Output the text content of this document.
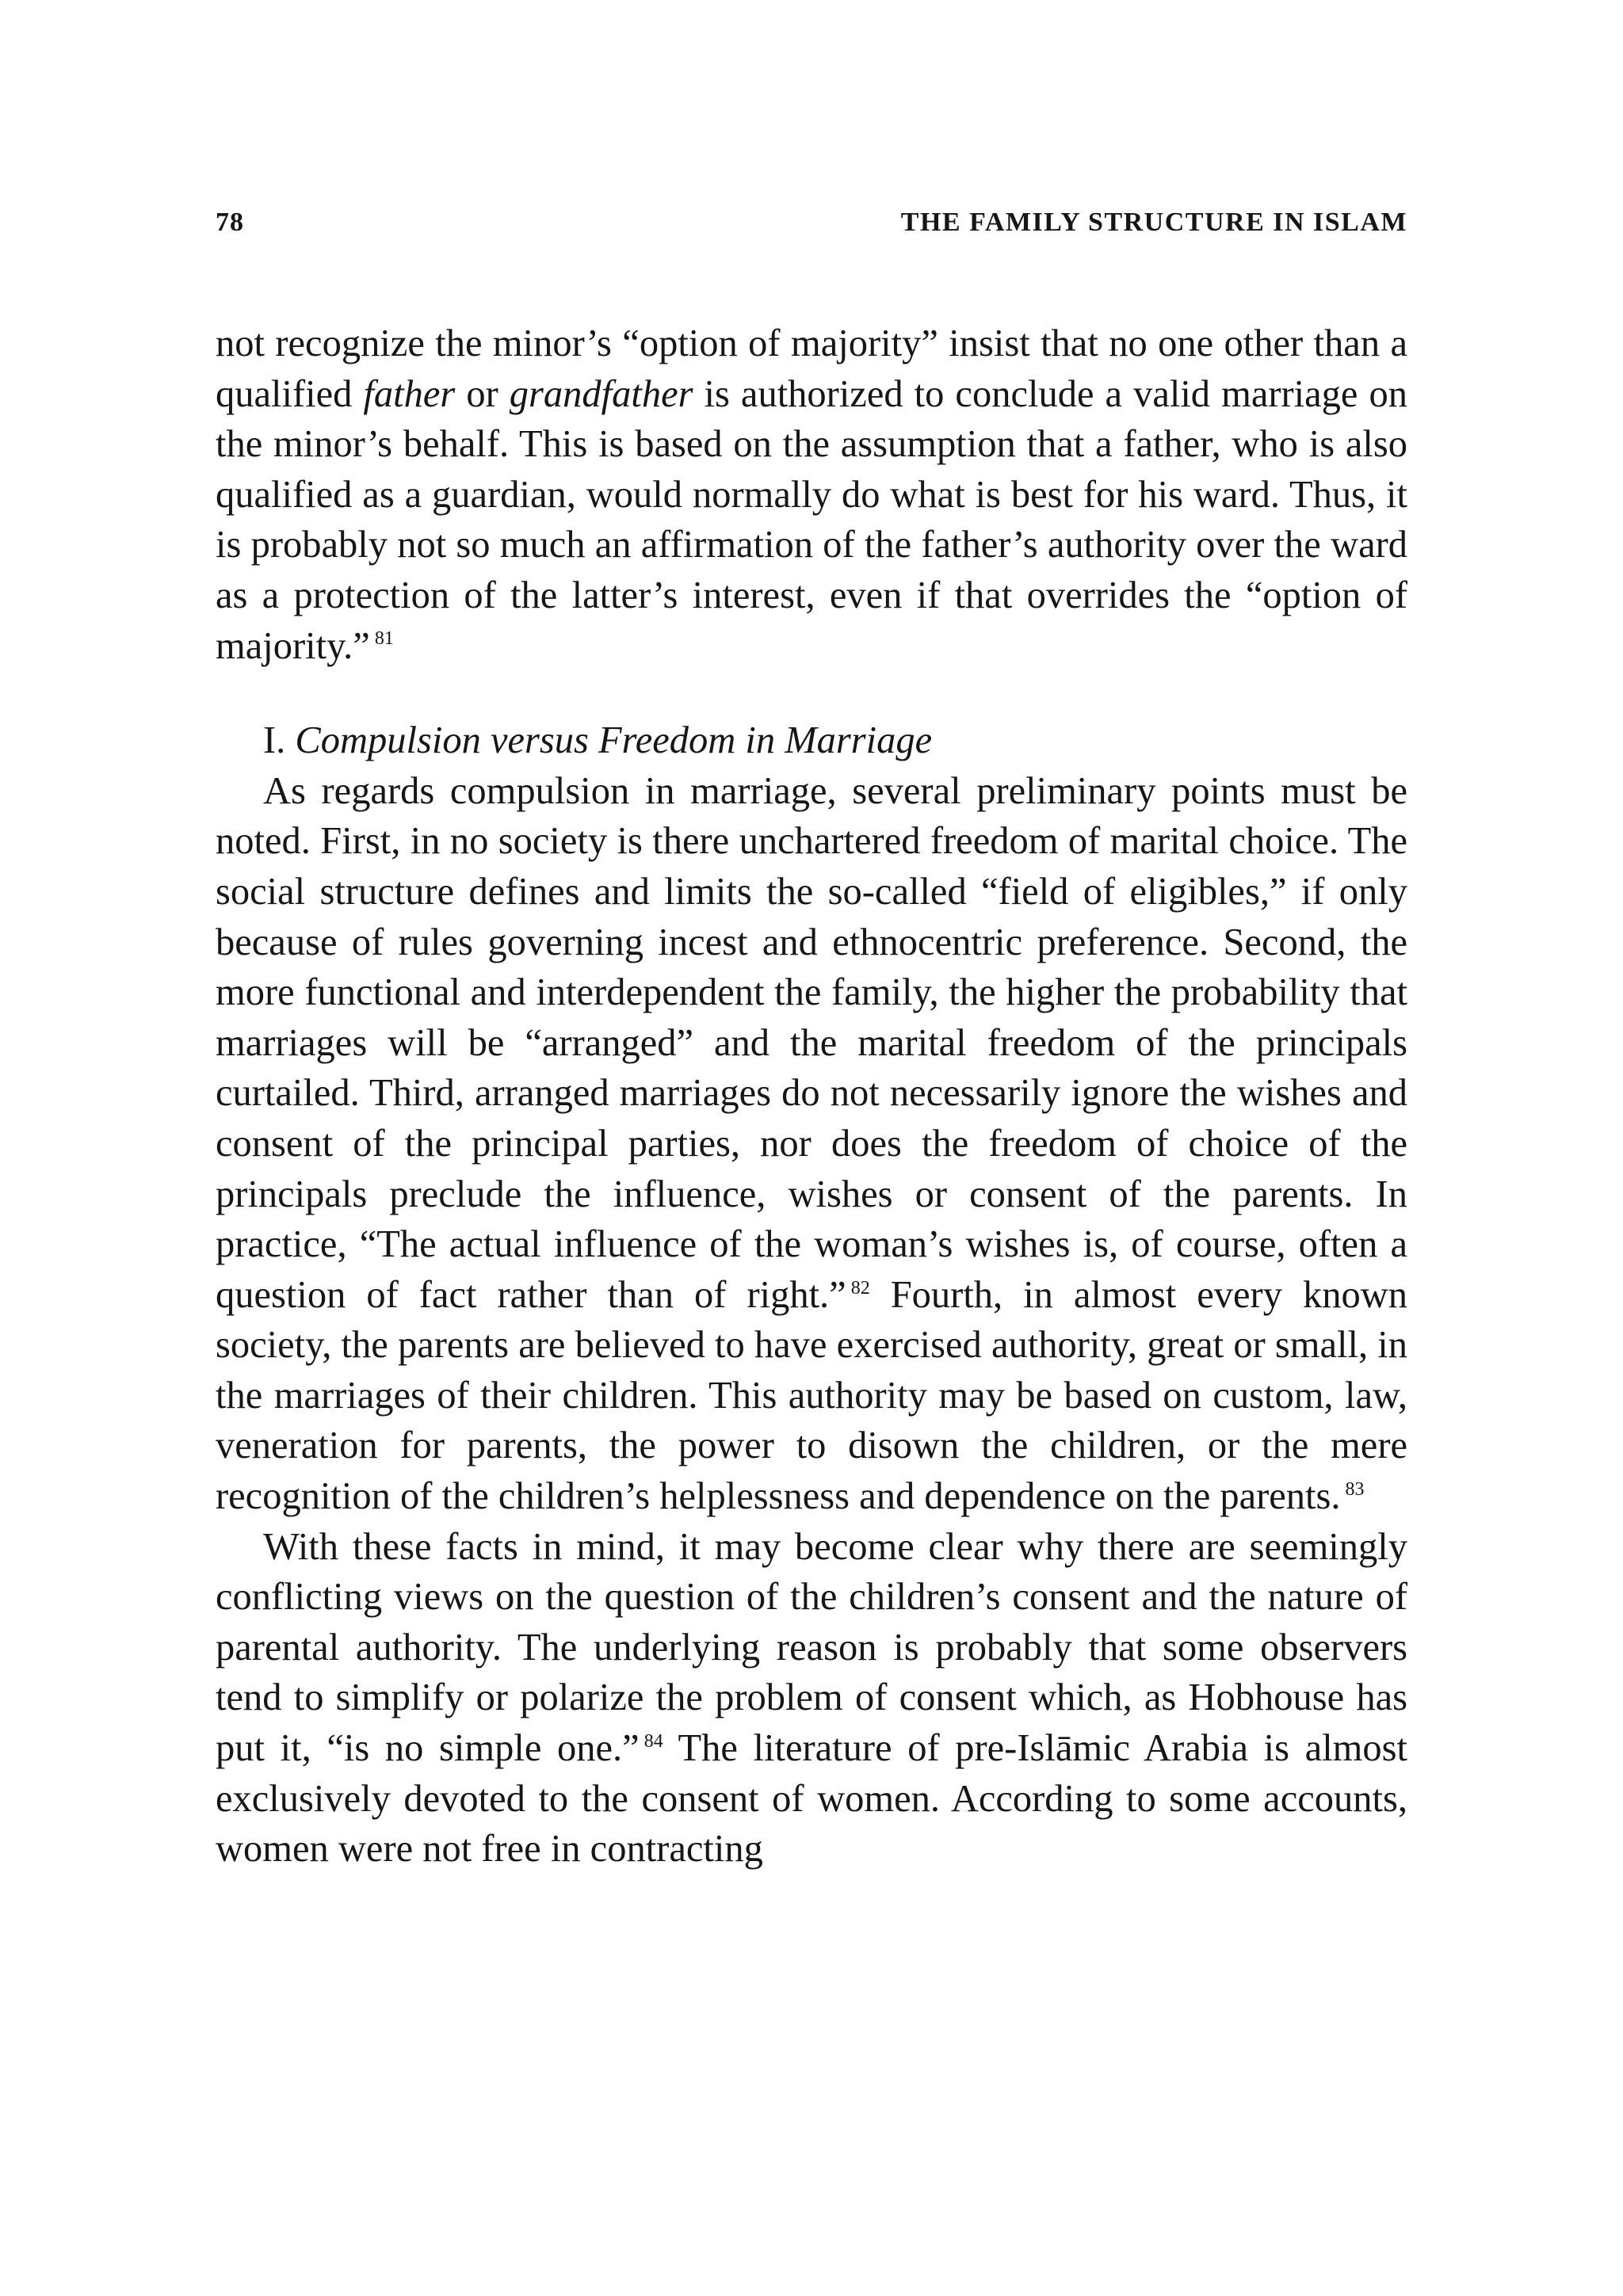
78	THE FAMILY STRUCTURE IN ISLAM

not recognize the minor’s “option of majority” insist that no one other than a qualified father or grandfather is authorized to conclude a valid marriage on the minor’s behalf. This is based on the assumption that a father, who is also qualified as a guardian, would normally do what is best for his ward. Thus, it is probably not so much an affirmation of the father’s authority over the ward as a protection of the latter’s interest, even if that overrides the “option of majority.” $^{81}$

I. Compulsion versus Freedom in Marriage

As regards compulsion in marriage, several preliminary points must be noted. First, in no society is there unchartered freedom of marital choice. The social structure defines and limits the so-called “field of eligibles,” if only because of rules governing incest and ethnocentric preference. Second, the more functional and interdependent the family, the higher the probability that marriages will be “arranged” and the marital freedom of the principals curtailed. Third, arranged marriages do not necessarily ignore the wishes and consent of the principal parties, nor does the freedom of choice of the principals preclude the influence, wishes or consent of the parents. In practice, “The actual influence of the woman’s wishes is, of course, often a question of fact rather than of right.” $^{82}$ Fourth, in almost every known society, the parents are believed to have exercised authority, great or small, in the marriages of their children. This authority may be based on custom, law, veneration for parents, the power to disown the children, or the mere recognition of the children’s helplessness and dependence on the parents. $^{83}$

With these facts in mind, it may become clear why there are seemingly conflicting views on the question of the children’s consent and the nature of parental authority. The underlying reason is probably that some observers tend to simplify or polarize the problem of consent which, as Hobhouse has put it, “is no simple one.” $^{84}$ The literature of pre-Islāmic Arabia is almost exclusively devoted to the consent of women. According to some accounts, women were not free in contracting
